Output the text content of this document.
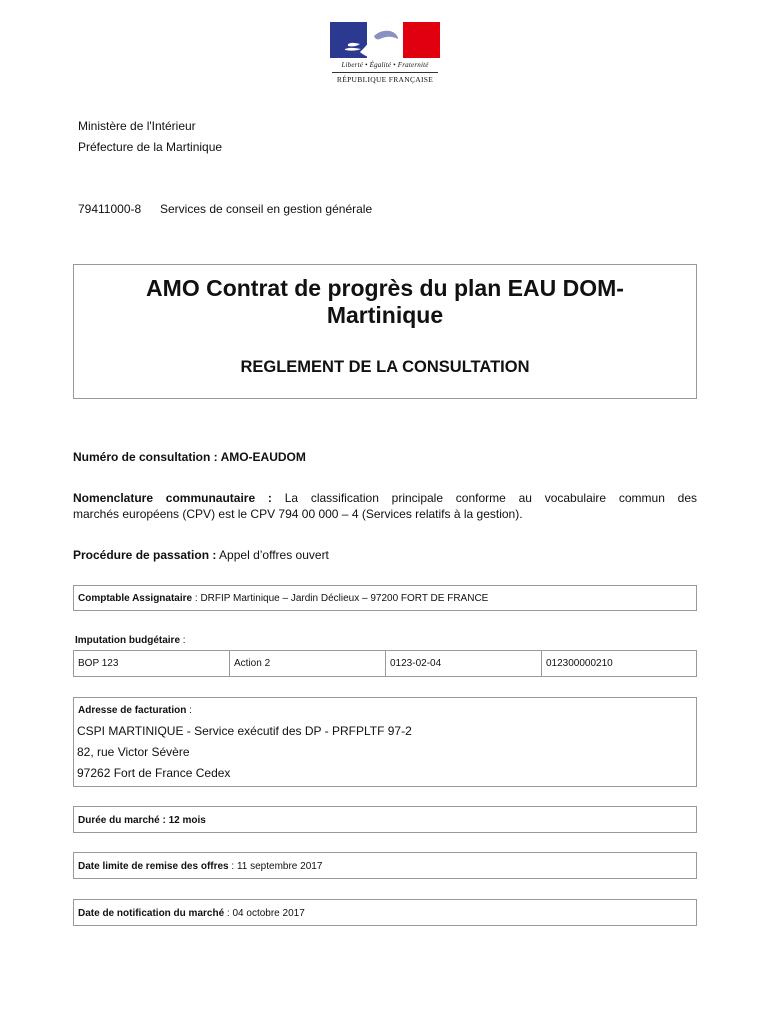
Liberté • Égalité • Fraternité
RÉPUBLIQUE FRANÇAISE
Ministère de l'Intérieur
Préfecture de la Martinique
79411000-8 Services de conseil en gestion générale
AMO Contrat de progrès du plan EAU DOM-
Martinique
REGLEMENT DE LA CONSULTATION
Numéro de consultation : AMO-EAUDOM
Nomenclature communautaire : La classification principale conforme au vocabulaire commun des
marchés européens (CPV) est le CPV 794 00 000 – 4 (Services relatifs à la gestion).
Procédure de passation : Appel d’offres ouvert
Comptable Assignataire : DRFIP Martinique – Jardin Déclieux – 97200 FORT DE FRANCE
Imputation budgétaire :
BOP 123	Action 2	0123-02-04	012300000210
Adresse de facturation :
CSPI MARTINIQUE - Service exécutif des DP - PRFPLTF 97-2
82, rue Victor Sévère
97262 Fort de France Cedex
Durée du marché : 12 mois
Date limite de remise des offres : 11 septembre 2017
Date de notification du marché : 04 octobre 2017
